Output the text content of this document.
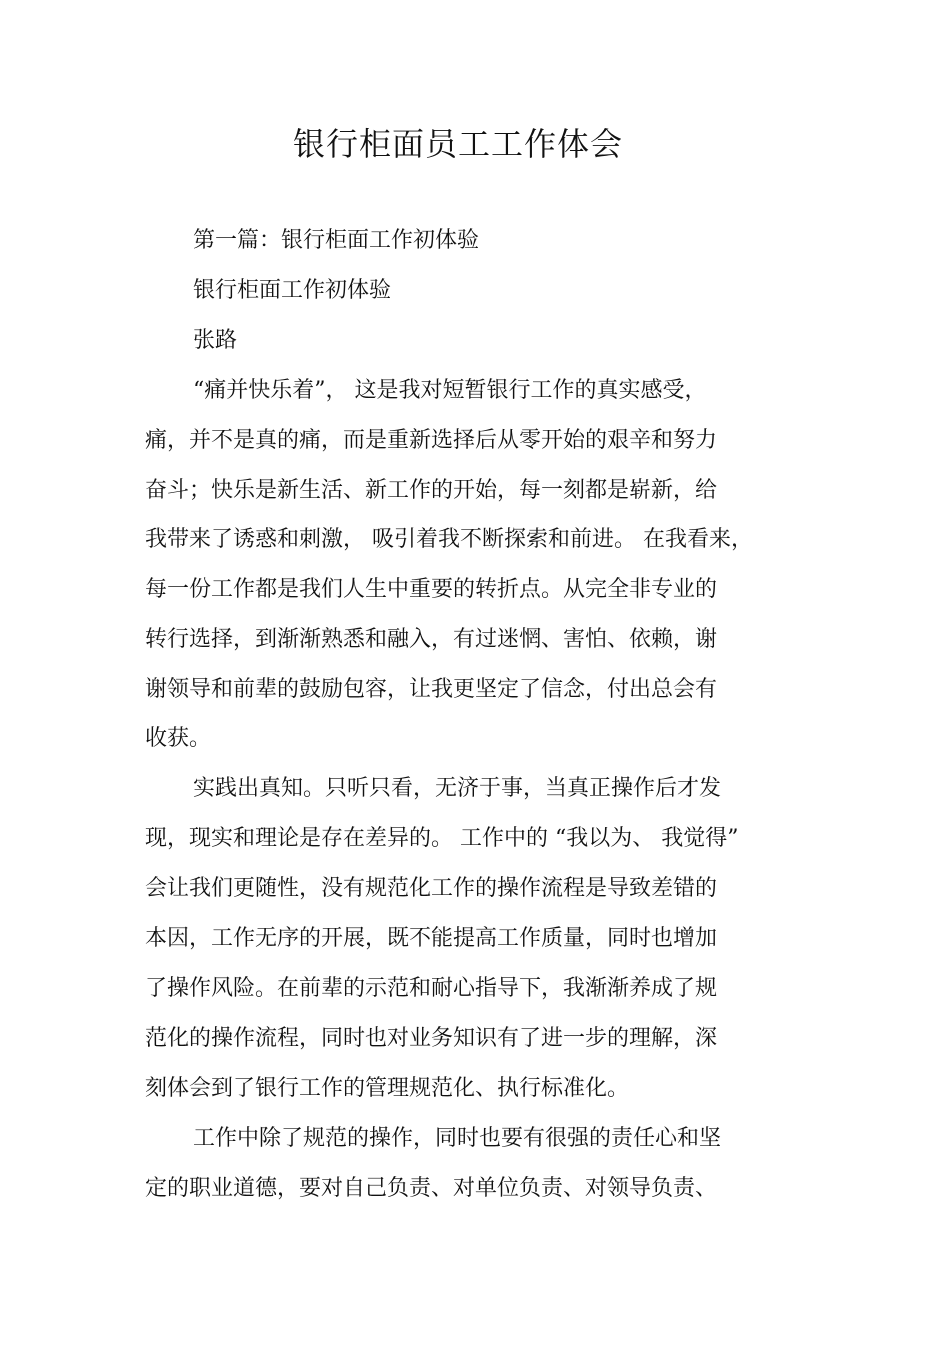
银行柜面员工工作体会
第一篇：银行柜面工作初体验
银行柜面工作初体验
张路
“痛并快乐着”， 这是我对短暂银行工作的真实感受，
痛，并不是真的痛，而是重新选择后从零开始的艰辛和努力
奋斗；快乐是新生活、新工作的开始，每一刻都是崭新，给
我带来了诱惑和刺激， 吸引着我不断探索和前进。 在我看来，
每一份工作都是我们人生中重要的转折点。从完全非专业的
转行选择，到渐渐熟悉和融入，有过迷惘、害怕、依赖，谢
谢领导和前辈的鼓励包容，让我更坚定了信念，付出总会有
收获。
实践出真知。只听只看，无济于事，当真正操作后才发
现，现实和理论是存在差异的。 工作中的 “我以为、 我觉得”
会让我们更随性，没有规范化工作的操作流程是导致差错的
本因，工作无序的开展，既不能提高工作质量，同时也增加
了操作风险。在前辈的示范和耐心指导下，我渐渐养成了规
范化的操作流程，同时也对业务知识有了进一步的理解，深
刻体会到了银行工作的管理规范化、执行标准化。
工作中除了规范的操作，同时也要有很强的责任心和坚
定的职业道德，要对自己负责、对单位负责、对领导负责、
